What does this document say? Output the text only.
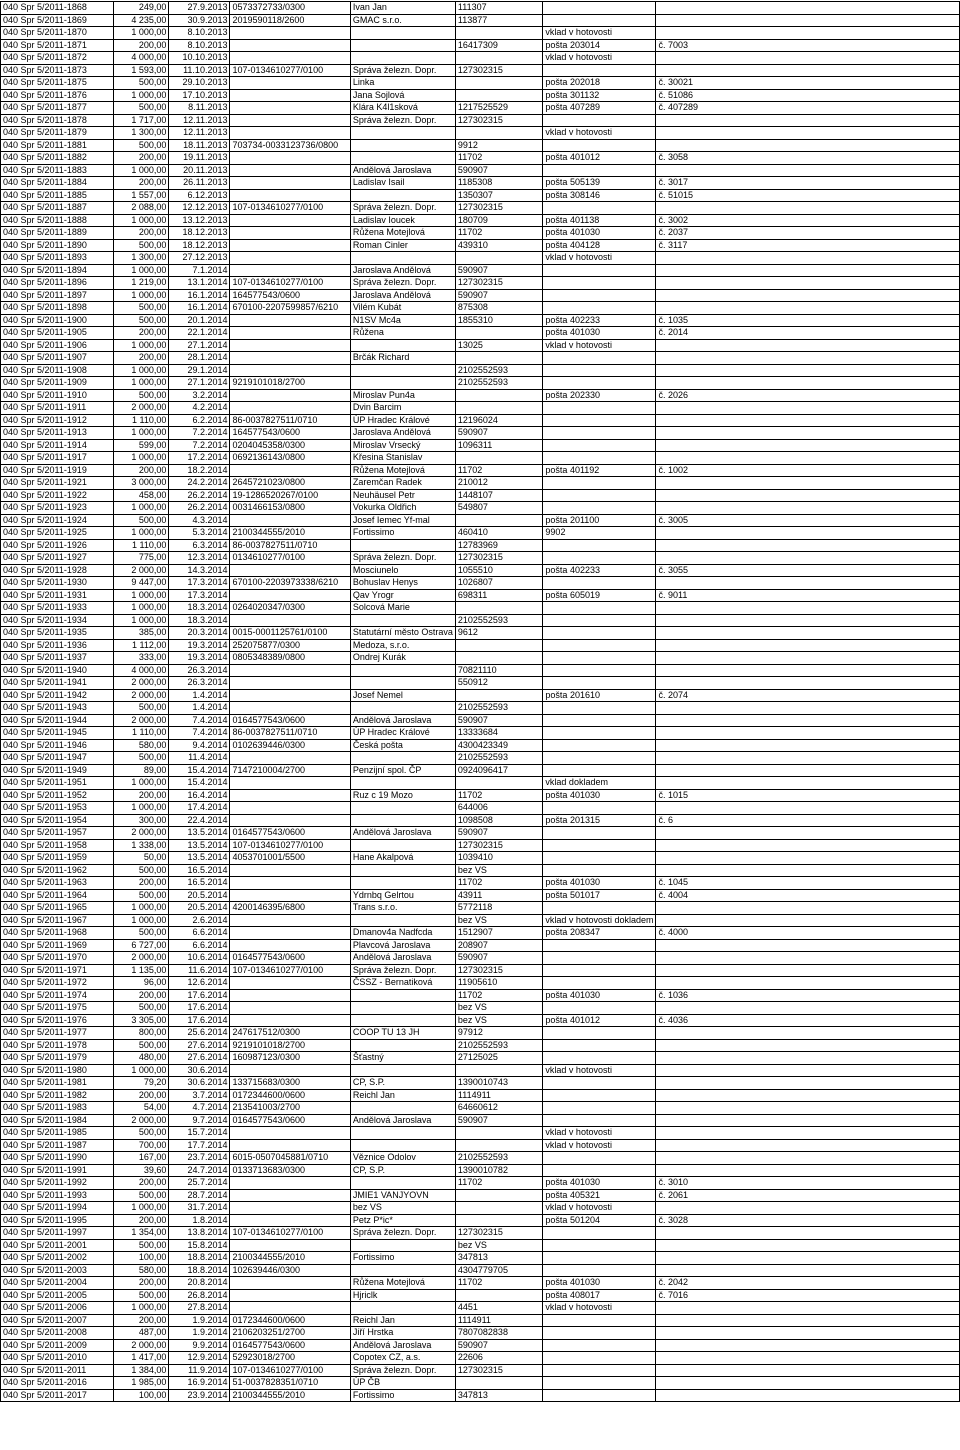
040 Spr 5/2011-1868	249,00	27.9.2013	0573372733/0300	Ivan Jan	111307		
040 Spr 5/2011-1869	4 235,00	30.9.2013	2019590118/2600	GMAC s.r.o.	113877		
040 Spr 5/2011-1870	1 000,00	8.10.2013				vklad v hotovosti	
040 Spr 5/2011-1871	200,00	8.10.2013			16417309	pošta 203014	č. 7003
040 Spr 5/2011-1872	4 000,00	10.10.2013				vklad v hotovosti	
040 Spr 5/2011-1873	1 593,00	11.10.2013	107-0134610277/0100	Správa železn. Dopr.	127302315		
040 Spr 5/2011-1875	500,00	29.10.2013		Linka		pošta 202018	č. 30021
040 Spr 5/2011-1876	1 000,00	17.10.2013		Jana Sojlová		pošta 301132	č. 51086
040 Spr 5/2011-1877	500,00	8.11.2013		Klára K4l1sková	1217525529	pošta 407289	č. 407289
040 Spr 5/2011-1878	1 717,00	12.11.2013		Správa železn. Dopr.	127302315		
040 Spr 5/2011-1879	1 300,00	12.11.2013				vklad v hotovosti	
040 Spr 5/2011-1881	500,00	18.11.2013	703734-0033123736/0800		9912		
040 Spr 5/2011-1882	200,00	19.11.2013			11702	pošta 401012	č. 3058
040 Spr 5/2011-1883	1 000,00	20.11.2013		Andělová Jaroslava	590907		
040 Spr 5/2011-1884	200,00	26.11.2013		Ladislav Isail	1185308	pošta 505139	č. 3017
040 Spr 5/2011-1885	1 557,00	6.12.2013			1350307	pošta 308146	č. 51015
040 Spr 5/2011-1887	2 088,00	12.12.2013	107-0134610277/0100	Správa železn. Dopr.	127302315		
040 Spr 5/2011-1888	1 000,00	13.12.2013		Ladislav Ioucek	180709	pošta 401138	č. 3002
040 Spr 5/2011-1889	200,00	18.12.2013		Růžena Motejlová	11702	pošta 401030	č. 2037
040 Spr 5/2011-1890	500,00	18.12.2013		Roman Cinler	439310	pošta 404128	č. 3117
040 Spr 5/2011-1893	1 300,00	27.12.2013				vklad v hotovosti	
040 Spr 5/2011-1894	1 000,00	7.1.2014		Jaroslava Andělová	590907		
040 Spr 5/2011-1896	1 219,00	13.1.2014	107-0134610277/0100	Správa železn. Dopr.	127302315		
040 Spr 5/2011-1897	1 000,00	16.1.2014	164577543/0600	Jaroslava Andělová	590907		
040 Spr 5/2011-1898	500,00	16.1.2014	670100-2207599857/6210	Vilém Kubát	875308		
040 Spr 5/2011-1900	500,00	20.1.2014		N1SV Mc4a	1855310	pošta 402233	č. 1035
040 Spr 5/2011-1905	200,00	22.1.2014		Růžena		pošta 401030	č. 2014
040 Spr 5/2011-1906	1 000,00	27.1.2014			13025	vklad v hotovosti	
040 Spr 5/2011-1907	200,00	28.1.2014		Brčák Richard			
040 Spr 5/2011-1908	1 000,00	29.1.2014			2102552593		
040 Spr 5/2011-1909	1 000,00	27.1.2014	9219101018/2700		2102552593		
040 Spr 5/2011-1910	500,00	3.2.2014		Miroslav Pun4a		pošta 202330	č. 2026
040 Spr 5/2011-1911	2 000,00	4.2.2014		Dvin Barcim			
040 Spr 5/2011-1912	1 110,00	6.2.2014	86-0037827511/0710	ÚP Hradec Králové	12196024		
040 Spr 5/2011-1913	1 000,00	7.2.2014	164577543/0600	Jaroslava Andělová	590907		
040 Spr 5/2011-1914	599,00	7.2.2014	0204045358/0300	Miroslav Vrsecký	1096311		
040 Spr 5/2011-1917	1 000,00	17.2.2014	0692136143/0800	Křesina Stanislav			
040 Spr 5/2011-1919	200,00	18.2.2014		Růžena Motejlová	11702	pošta 401192	č. 1002
040 Spr 5/2011-1921	3 000,00	24.2.2014	2645721023/0800	Zaremčan Radek	210012		
040 Spr 5/2011-1922	458,00	26.2.2014	19-1286520267/0100	Neuhäusel Petr	1448107		
040 Spr 5/2011-1923	1 000,00	26.2.2014	0031466153/0800	Vokurka Oldřich	549807		
040 Spr 5/2011-1924	500,00	4.3.2014		Josef Iemec Yf-mal		pošta 201100	č. 3005
040 Spr 5/2011-1925	1 000,00	5.3.2014	2100344555/2010	Fortissimo	460410	9902	
040 Spr 5/2011-1926	1 110,00	6.3.2014	86-0037827511/0710		12783969		
040 Spr 5/2011-1927	775,00	12.3.2014	0134610277/0100	Správa železn. Dopr.	127302315		
040 Spr 5/2011-1928	2 000,00	14.3.2014		Mosciunelo	1055510	pošta 402233	č. 3055
040 Spr 5/2011-1930	9 447,00	17.3.2014	670100-2203973338/6210	Bohuslav Henys	1026807		
040 Spr 5/2011-1931	1 000,00	17.3.2014		Qav Yrogr	698311	pošta 605019	č. 9011
040 Spr 5/2011-1933	1 000,00	18.3.2014	0264020347/0300	Solcová Marie			
040 Spr 5/2011-1934	1 000,00	18.3.2014			2102552593		
040 Spr 5/2011-1935	385,00	20.3.2014	0015-0001125761/0100	Statutární město Ostrava	9612		
040 Spr 5/2011-1936	1 112,00	19.3.2014	252075877/0300	Medoza, s.r.o.			
040 Spr 5/2011-1937	333,00	19.3.2014	0805348389/0800	Ondrej Kurák			
040 Spr 5/2011-1940	4 000,00	26.3.2014			70821110		
040 Spr 5/2011-1941	2 000,00	26.3.2014			550912		
040 Spr 5/2011-1942	2 000,00	1.4.2014		Josef Nemel		pošta 201610	č. 2074
040 Spr 5/2011-1943	500,00	1.4.2014			2102552593		
040 Spr 5/2011-1944	2 000,00	7.4.2014	0164577543/0600	Andělová Jaroslava	590907		
040 Spr 5/2011-1945	1 110,00	7.4.2014	86-0037827511/0710	ÚP Hradec Králové	13333684		
040 Spr 5/2011-1946	580,00	9.4.2014	0102639446/0300	Česká pošta	4300423349		
040 Spr 5/2011-1947	500,00	11.4.2014			2102552593		
040 Spr 5/2011-1949	89,00	15.4.2014	7147210004/2700	Penzijní spol. ČP	0924096417		
040 Spr 5/2011-1951	1 000,00	15.4.2014				vklad dokladem	
040 Spr 5/2011-1952	200,00	16.4.2014		Ruz c 19 Mozo	11702	pošta 401030	č. 1015
040 Spr 5/2011-1953	1 000,00	17.4.2014			644006		
040 Spr 5/2011-1954	300,00	22.4.2014			1098508	pošta 201315	č. 6
040 Spr 5/2011-1957	2 000,00	13.5.2014	0164577543/0600	Andělová Jaroslava	590907		
040 Spr 5/2011-1958	1 338,00	13.5.2014	107-0134610277/0100		127302315		
040 Spr 5/2011-1959	50,00	13.5.2014	4053701001/5500	Hane Akalpová	1039410		
040 Spr 5/2011-1962	500,00	16.5.2014			bez VS		
040 Spr 5/2011-1963	200,00	16.5.2014			11702	pošta 401030	č. 1045
040 Spr 5/2011-1964	500,00	20.5.2014		Ydrnbq Gelrtou	43911	pošta 501017	č. 4004
040 Spr 5/2011-1965	1 000,00	20.5.2014	4200146395/6800	Trans s.r.o.	5772118		
040 Spr 5/2011-1967	1 000,00	2.6.2014			bez VS	vklad v hotovosti dokladem	
040 Spr 5/2011-1968	500,00	6.6.2014		Dmanov4a Nadfcda	1512907	pošta 208347	č. 4000
040 Spr 5/2011-1969	6 727,00	6.6.2014		Plavcová Jaroslava	208907		
040 Spr 5/2011-1970	2 000,00	10.6.2014	0164577543/0600	Andělová Jaroslava	590907		
040 Spr 5/2011-1971	1 135,00	11.6.2014	107-0134610277/0100	Správa železn. Dopr.	127302315		
040 Spr 5/2011-1972	96,00	12.6.2014		ČSSZ - Bernatiková	11905610		
040 Spr 5/2011-1974	200,00	17.6.2014			11702	pošta 401030	č. 1036
040 Spr 5/2011-1975	500,00	17.6.2014			bez VS		
040 Spr 5/2011-1976	3 305,00	17.6.2014			bez VS	pošta 401012	č. 4036
040 Spr 5/2011-1977	800,00	25.6.2014	247617512/0300	COOP TU 13 JH	97912		
040 Spr 5/2011-1978	500,00	27.6.2014	9219101018/2700		2102552593		
040 Spr 5/2011-1979	480,00	27.6.2014	160987123/0300	Šťastný	27125025		
040 Spr 5/2011-1980	1 000,00	30.6.2014				vklad v hotovosti	
040 Spr 5/2011-1981	79,20	30.6.2014	133715683/0300	CP, S.P.	1390010743		
040 Spr 5/2011-1982	200,00	3.7.2014	0172344600/0600	Reichl Jan	1114911		
040 Spr 5/2011-1983	54,00	4.7.2014	213541003/2700		64660612		
040 Spr 5/2011-1984	2 000,00	9.7.2014	0164577543/0600	Andělová Jaroslava	590907		
040 Spr 5/2011-1985	500,00	15.7.2014				vklad v hotovosti	
040 Spr 5/2011-1987	700,00	17.7.2014				vklad v hotovosti	
040 Spr 5/2011-1990	167,00	23.7.2014	6015-0507045881/0710	Věznice Odolov	2102552593		
040 Spr 5/2011-1991	39,60	24.7.2014	0133713683/0300	CP, S.P.	1390010782		
040 Spr 5/2011-1992	200,00	25.7.2014			11702	pošta 401030	č. 3010
040 Spr 5/2011-1993	500,00	28.7.2014		JMIE1 VANJYOVN		pošta 405321	č. 2061
040 Spr 5/2011-1994	1 000,00	31.7.2014		bez VS		vklad v hotovosti	
040 Spr 5/2011-1995	200,00	1.8.2014		Petz P*ic*		pošta 501204	č. 3028
040 Spr 5/2011-1997	1 354,00	13.8.2014	107-0134610277/0100	Správa železn. Dopr.	127302315		
040 Spr 5/2011-2001	500,00	15.8.2014			bez VS		
040 Spr 5/2011-2002	100,00	18.8.2014	2100344555/2010	Fortissimo	347813		
040 Spr 5/2011-2003	580,00	18.8.2014	102639446/0300		4304779705		
040 Spr 5/2011-2004	200,00	20.8.2014		Růžena Motejlová	11702	pošta 401030	č. 2042
040 Spr 5/2011-2005	500,00	26.8.2014		Hjriclk		pošta 408017	č. 7016
040 Spr 5/2011-2006	1 000,00	27.8.2014			4451	vklad v hotovosti	
040 Spr 5/2011-2007	200,00	1.9.2014	0172344600/0600	Reichl Jan	1114911		
040 Spr 5/2011-2008	487,00	1.9.2014	2106203251/2700	Jiří Hrstka	7807082838		
040 Spr 5/2011-2009	2 000,00	9.9.2014	0164577543/0600	Andělová Jaroslava	590907		
040 Spr 5/2011-2010	1 417,00	12.9.2014	52923018/2700	Copotex CZ, a.s.	22606		
040 Spr 5/2011-2011	1 384,00	11.9.2014	107-0134610277/0100	Správa železn. Dopr.	127302315		
040 Spr 5/2011-2016	1 985,00	16.9.2014	51-0037828351/0710	ÚP ČB			
040 Spr 5/2011-2017	100,00	23.9.2014	2100344555/2010	Fortissimo	347813		
